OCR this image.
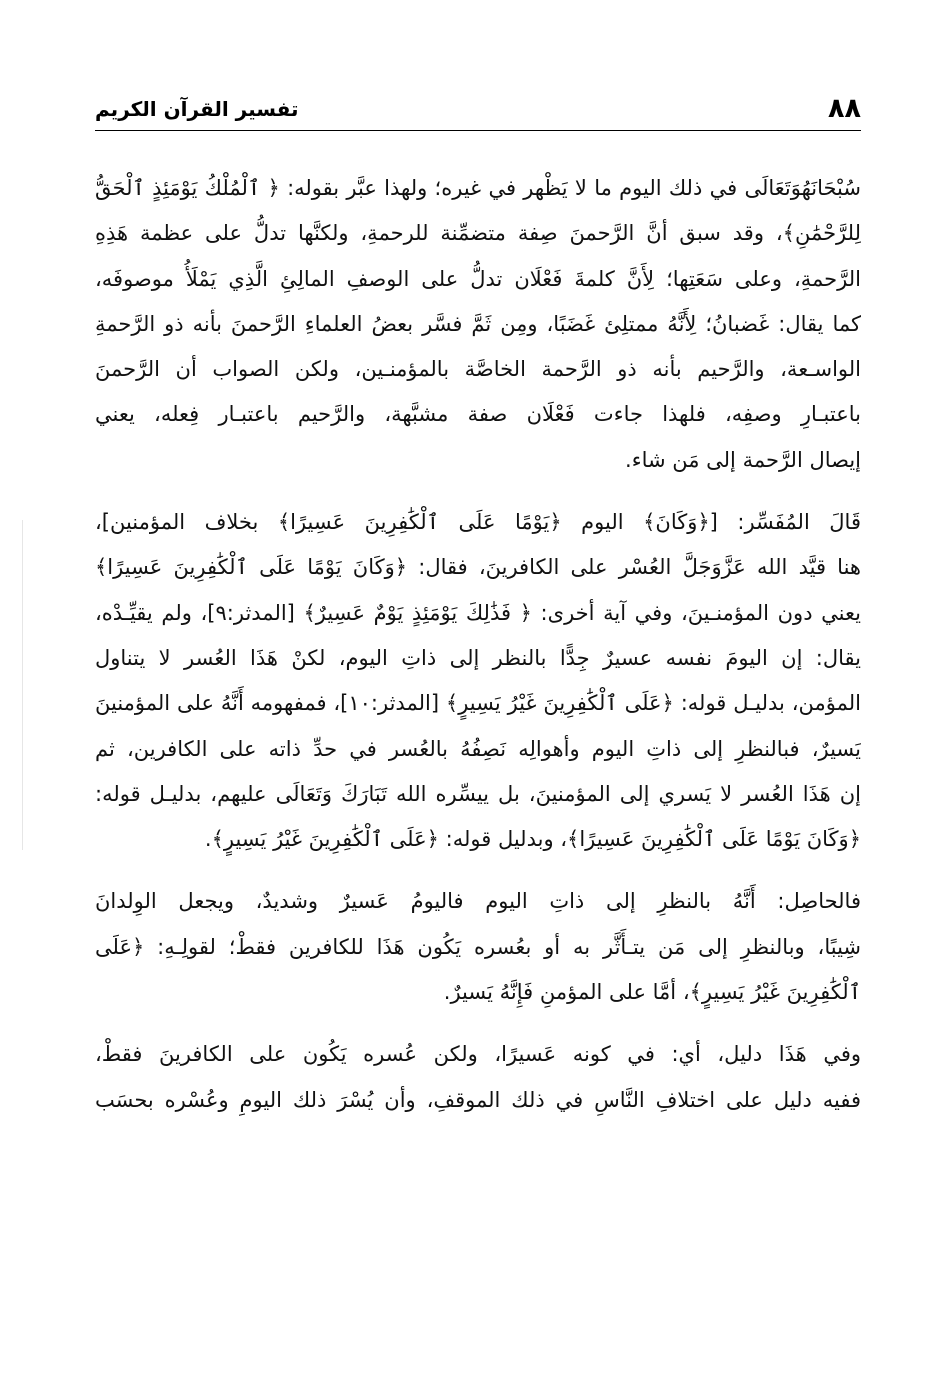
٨٨
تفسير القرآن الكريم
سُبْحَانَهُوَتَعَالَى في ذلك اليوم ما لا يَظْهر في غيره؛ ولهذا عبَّر بقوله: ﴿ ٱلْمُلْكُ يَوْمَئِذٍ ٱلْحَقُّ
لِلرَّحْمَٰنِ﴾، وقد سبق أنَّ الرَّحمنَ صِفة متضمِّنة للرحمةِ، ولكنَّها تدلُّ على عظمة هَذِهِ
الرَّحمةِ، وعلى سَعَتِها؛ لِأَنَّ كلمةَ فَعْلَان تدلُّ على الوصفِ المالِئِ الَّذِي يَمْلَأُ موصوفَه،
كما يقال: غَضبانُ؛ لِأَنَّهُ ممتلِئ غَضَبًا، ومِن ثَمَّ فسَّر بعضُ العلماءِ الرَّحمنَ بأنه ذو الرَّحمةِ
الواسـعة، والرَّحيم بأنه ذو الرَّحمة الخاصَّة بالمؤمنـين، ولكن الصواب أن الرَّحمنَ
باعتبـارِ وصفِه، فلهذا جاءت فَعْلَان صفة مشبَّهة، والرَّحيم باعتبـار فِعله، يعني
إيصال الرَّحمة إلى مَن شاء.
قَالَ المُفَسِّر: [﴿وَكَانَ﴾ اليوم ﴿يَوْمًا عَلَى ٱلْكَٰفِرِينَ عَسِيرًا﴾ بخلاف المؤمنين]،
هنا قيَّد الله عَزَّوَجَلَّ العُسْر على الكافرينَ، فقال: ﴿وَكَانَ يَوْمًا عَلَى ٱلْكَٰفِرِينَ عَسِيرًا﴾
يعني دون المؤمنـينَ، وفي آية أخرى: ﴿ فَذَٰلِكَ يَوْمَئِذٍ يَوْمٌ عَسِيرٌ﴾ [المدثر:٩]، ولم يقيِّـدْه،
يقال: إن اليومَ نفسه عسيرٌ جِدًّا بالنظر إلى ذاتِ اليوم، لكنْ هَذَا العُسر لا يتناول
المؤمن، بدليـل قوله: ﴿عَلَى ٱلْكَٰفِرِينَ غَيْرُ يَسِيرٍ﴾ [المدثر:١٠]، فمفهومه أَنَّهُ على المؤمنينَ
يَسيرٌ، فبالنظرِ إلى ذاتِ اليوم وأهوالِه نَصِفُهُ بالعُسر في حدِّ ذاته على الكافرين، ثم
إن هَذَا العُسر لا يَسري إلى المؤمنينَ، بل ييسِّره الله تَبَارَكَ وَتَعَالَى عليهم، بدليـل قوله:
﴿وَكَانَ يَوْمًا عَلَى ٱلْكَٰفِرِينَ عَسِيرًا﴾، وبدليل قوله: ﴿عَلَى ٱلْكَٰفِرِينَ غَيْرُ يَسِيرٍ﴾.
فالحاصِل: أَنَّهُ بالنظرِ إلى ذاتِ اليوم فاليومُ عَسيرٌ وشديدٌ، ويجعل الوِلدانَ
شِيبًا، وبالنظرِ إلى مَن يتـأَثَّر به أو بعُسره يَكُون هَذَا للكافرين فقطْ؛ لقولِـهِ: ﴿عَلَى
ٱلْكَٰفِرِينَ غَيْرُ يَسِيرٍ﴾، أمَّا على المؤمنِ فَإِنَّهُ يَسيرٌ.
وفي هَذَا دليل، أي: في كونه عَسيرًا، ولكن عُسره يَكُون على الكافرينَ فقطْ،
ففيه دليل على اختلافِ النَّاسِ في ذلك الموقفِ، وأن يُسْرَ ذلك اليومِ وعُسْره بحسَب
